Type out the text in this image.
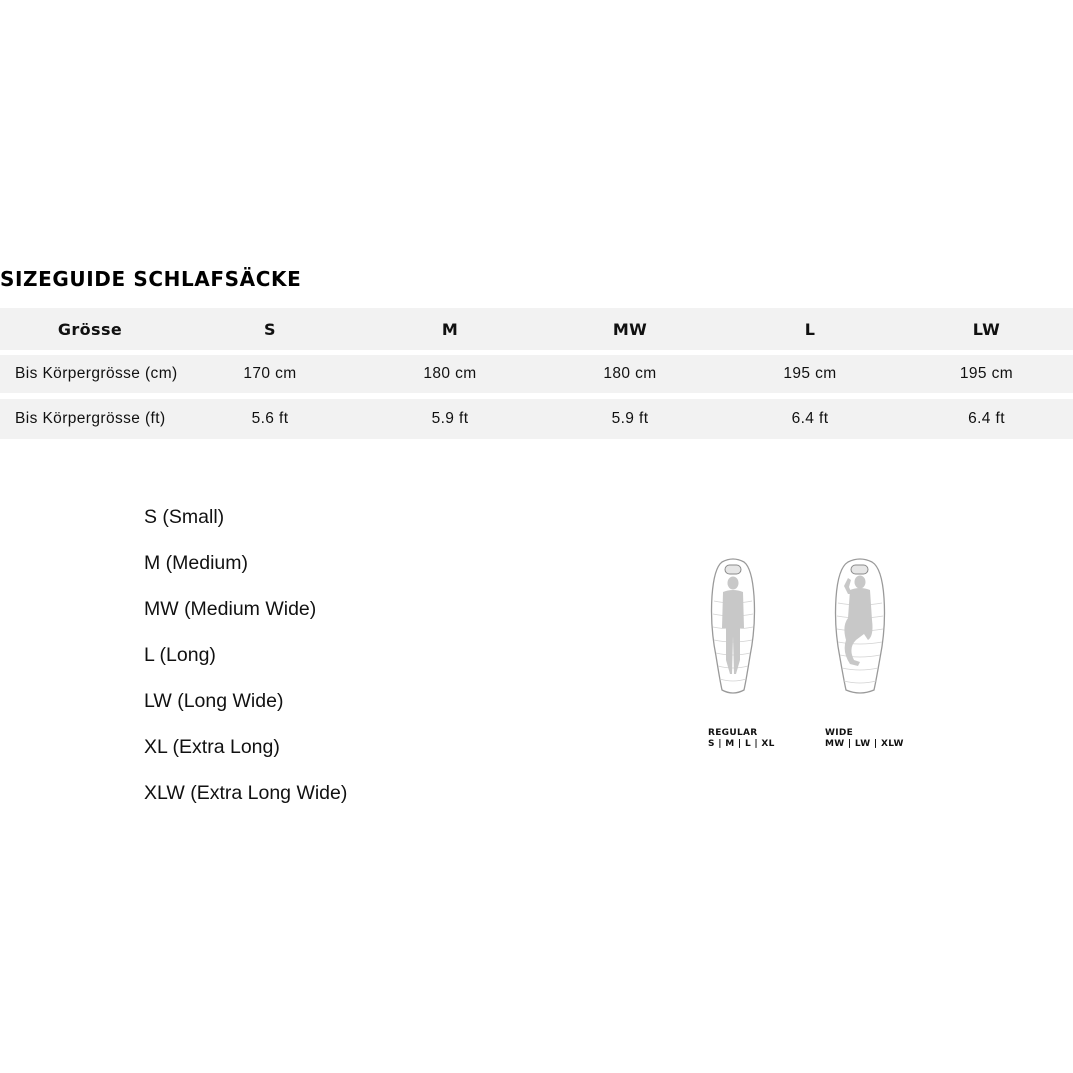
SIZEGUIDE SCHLAFSÄCKE
Grösse	S	M	MW	L	LW
Bis Körpergrösse (cm)	170 cm	180 cm	180 cm	195 cm	195 cm
Bis Körpergrösse (ft)	5.6 ft	5.9 ft	5.9 ft	6.4 ft	6.4 ft
S (Small)
M (Medium)
MW (Medium Wide)
L (Long)
LW (Long Wide)
XL (Extra Long)
XLW (Extra Long Wide)
REGULAR
S | M | L | XL
WIDE
MW | LW | XLW
